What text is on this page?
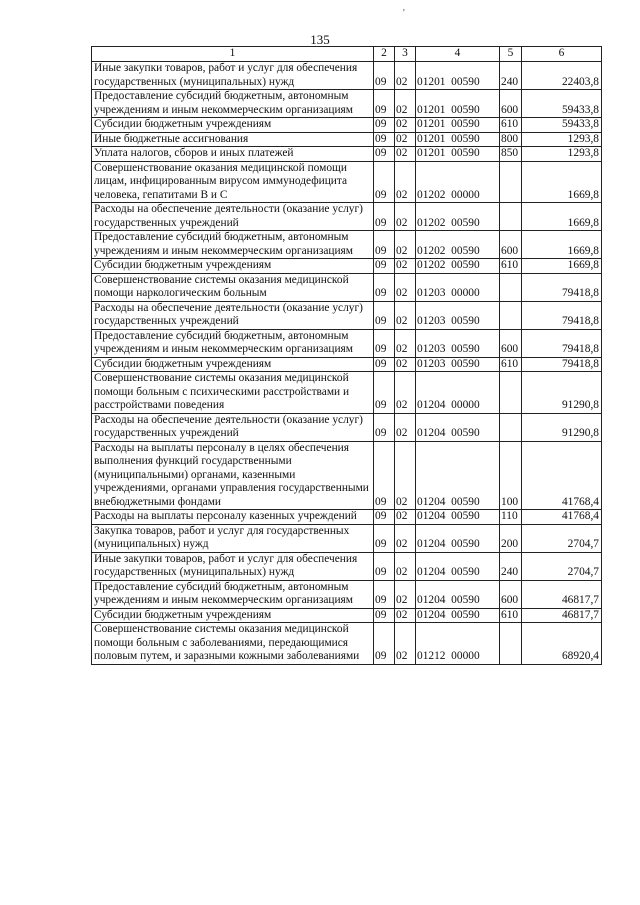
'
135
1	2	3	4	5	6
Иные закупки товаров, работ и услуг для обеспечения государственных (муниципальных) нужд	09	02	01201  00590	240	22403,8
Предоставление субсидий бюджетным, автономным учреждениям и иным некоммерческим организациям	09	02	01201  00590	600	59433,8
Субсидии бюджетным учреждениям	09	02	01201  00590	610	59433,8
Иные бюджетные ассигнования	09	02	01201  00590	800	1293,8
Уплата налогов, сборов и иных платежей	09	02	01201  00590	850	1293,8
Совершенствование оказания медицинской помощи лицам, инфицированным вирусом иммунодефицита человека, гепатитами В и С	09	02	01202  00000		1669,8
Расходы на обеспечение деятельности (оказание услуг) государственных учреждений	09	02	01202  00590		1669,8
Предоставление субсидий бюджетным, автономным учреждениям и иным некоммерческим организациям	09	02	01202  00590	600	1669,8
Субсидии бюджетным учреждениям	09	02	01202  00590	610	1669,8
Совершенствование системы оказания медицинской помощи наркологическим больным	09	02	01203  00000		79418,8
Расходы на обеспечение деятельности (оказание услуг) государственных учреждений	09	02	01203  00590		79418,8
Предоставление субсидий бюджетным, автономным учреждениям и иным некоммерческим организациям	09	02	01203  00590	600	79418,8
Субсидии бюджетным учреждениям	09	02	01203  00590	610	79418,8
Совершенствование системы оказания медицинской помощи больным с психическими расстройствами и расстройствами поведения	09	02	01204  00000		91290,8
Расходы на обеспечение деятельности (оказание услуг) государственных учреждений	09	02	01204  00590		91290,8
Расходы на выплаты персоналу в целях обеспечения выполнения функций государственными (муниципальными) органами, казенными учреждениями, органами управления государственными внебюджетными фондами	09	02	01204  00590	100	41768,4
Расходы на выплаты персоналу казенных учреждений	09	02	01204  00590	110	41768,4
Закупка товаров, работ и услуг для государственных (муниципальных) нужд	09	02	01204  00590	200	2704,7
Иные закупки товаров, работ и услуг для обеспечения государственных (муниципальных) нужд	09	02	01204  00590	240	2704,7
Предоставление субсидий бюджетным, автономным учреждениям и иным некоммерческим организациям	09	02	01204  00590	600	46817,7
Субсидии бюджетным учреждениям	09	02	01204  00590	610	46817,7
Совершенствование системы оказания медицинской помощи больным с заболеваниями, передающимися половым путем, и заразными кожными заболеваниями	09	02	01212  00000		68920,4
